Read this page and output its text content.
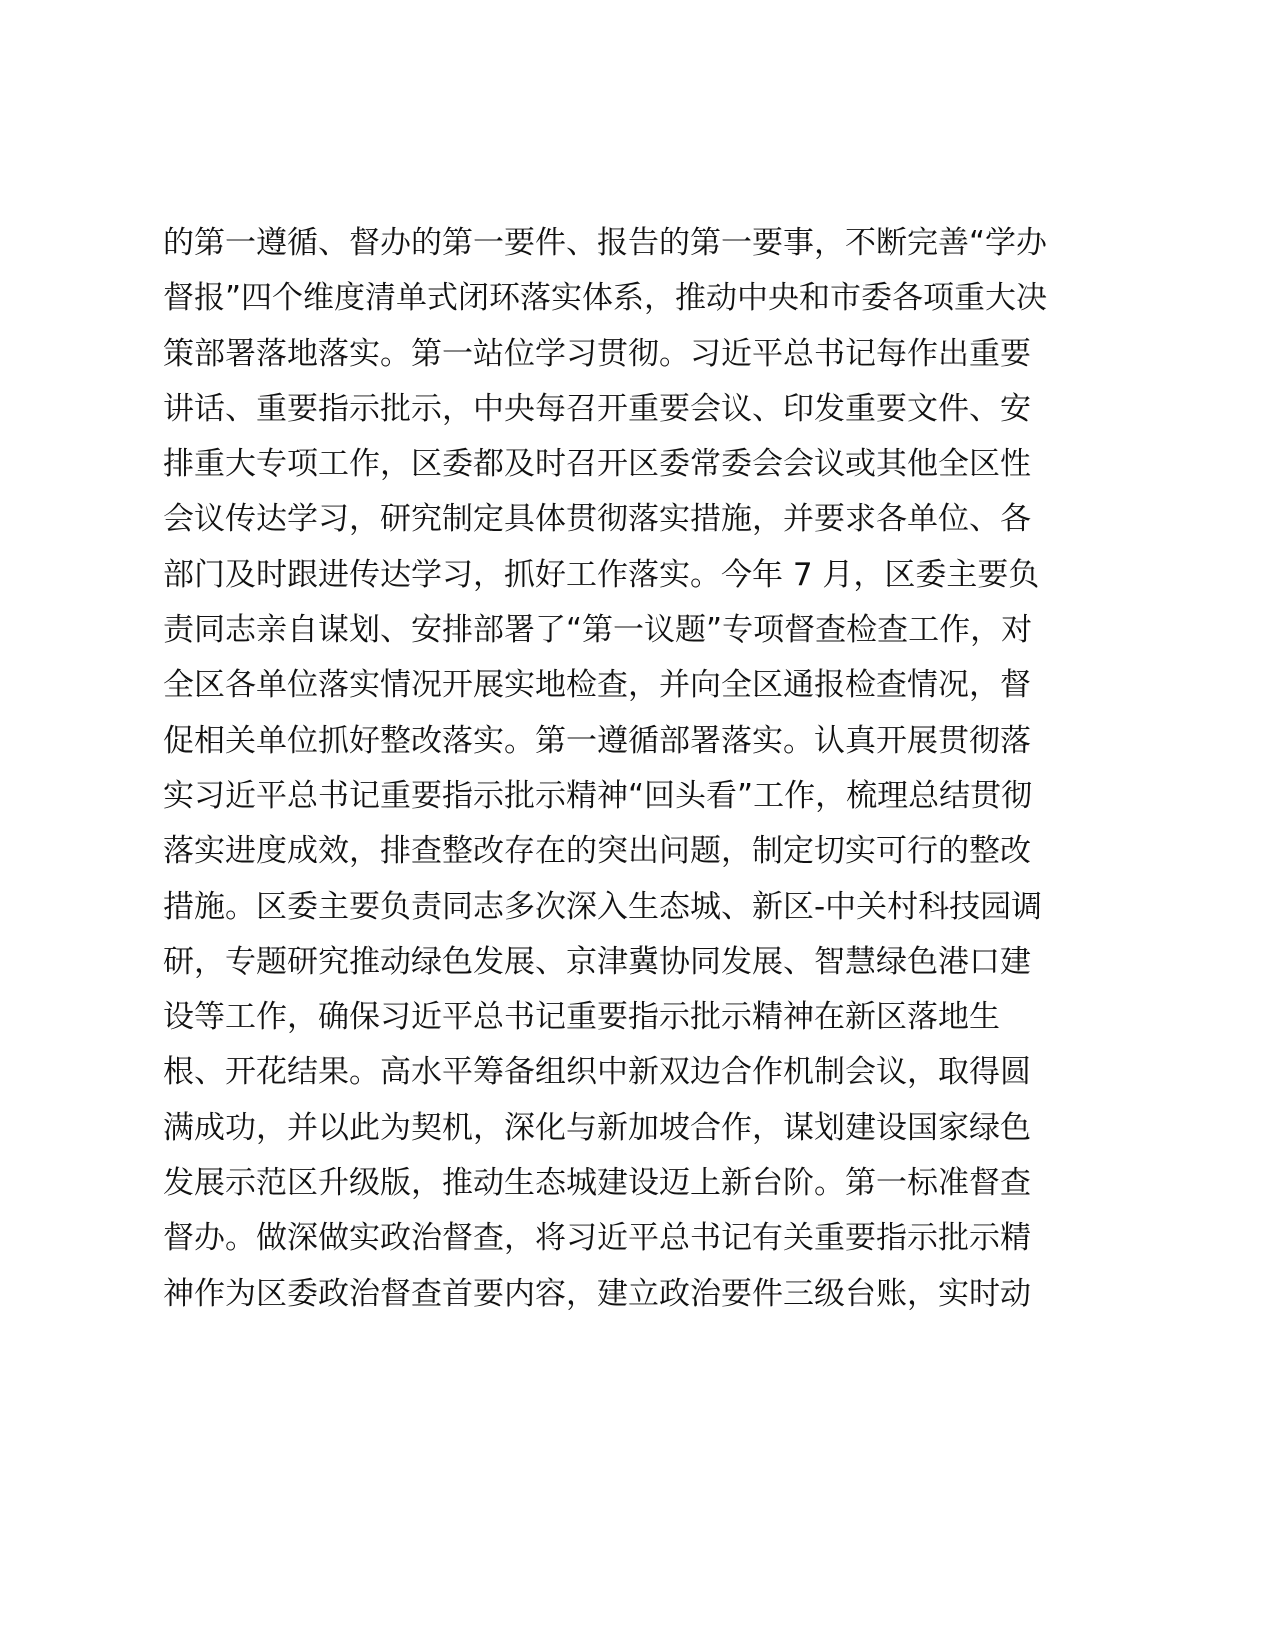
的第一遵循、督办的第一要件、报告的第一要事，不断完善“学办
督报”四个维度清单式闭环落实体系，推动中央和市委各项重大决
策部署落地落实。第一站位学习贯彻。习近平总书记每作出重要
讲话、重要指示批示，中央每召开重要会议、印发重要文件、安
排重大专项工作，区委都及时召开区委常委会会议或其他全区性
会议传达学习，研究制定具体贯彻落实措施，并要求各单位、各
部门及时跟进传达学习，抓好工作落实。今年 7 月，区委主要负
责同志亲自谋划、安排部署了“第一议题”专项督查检查工作，对
全区各单位落实情况开展实地检查，并向全区通报检查情况，督
促相关单位抓好整改落实。第一遵循部署落实。认真开展贯彻落
实习近平总书记重要指示批示精神“回头看”工作，梳理总结贯彻
落实进度成效，排查整改存在的突出问题，制定切实可行的整改
措施。区委主要负责同志多次深入生态城、新区-中关村科技园调
研，专题研究推动绿色发展、京津冀协同发展、智慧绿色港口建
设等工作，确保习近平总书记重要指示批示精神在新区落地生
根、开花结果。高水平筹备组织中新双边合作机制会议，取得圆
满成功，并以此为契机，深化与新加坡合作，谋划建设国家绿色
发展示范区升级版，推动生态城建设迈上新台阶。第一标准督查
督办。做深做实政治督查，将习近平总书记有关重要指示批示精
神作为区委政治督查首要内容，建立政治要件三级台账，实时动
